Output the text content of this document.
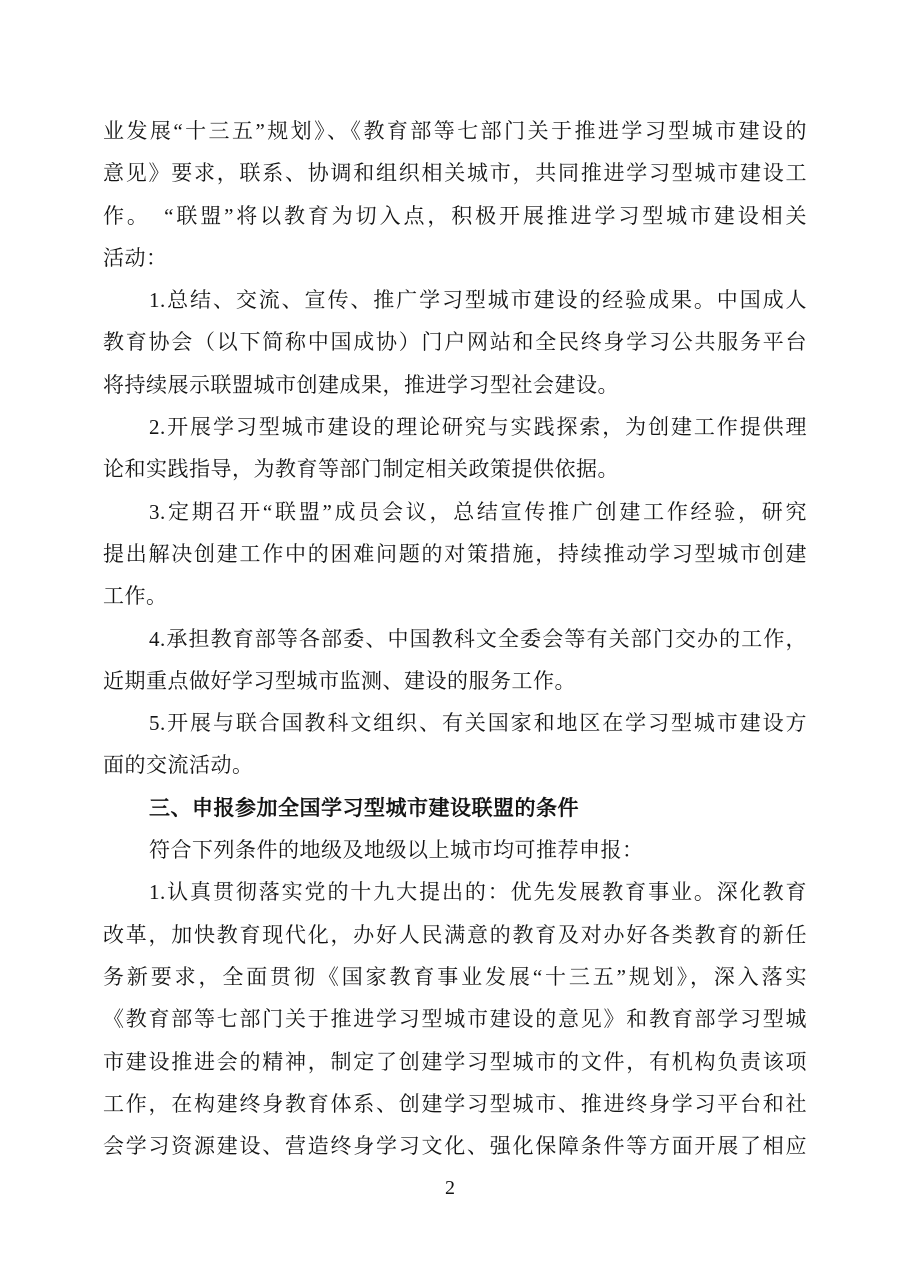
业发展“十三五”规划》、《教育部等七部门关于推进学习型城市建设的
意见》要求，联系、协调和组织相关城市，共同推进学习型城市建设工
作。　“联盟”将以教育为切入点，积极开展推进学习型城市建设相关
活动：
1.总结、交流、宣传、推广学习型城市建设的经验成果。中国成人
教育协会（以下简称中国成协）门户网站和全民终身学习公共服务平台
将持续展示联盟城市创建成果，推进学习型社会建设。
2.开展学习型城市建设的理论研究与实践探索，为创建工作提供理
论和实践指导，为教育等部门制定相关政策提供依据。
3.定期召开“联盟”成员会议，总结宣传推广创建工作经验，研究
提出解决创建工作中的困难问题的对策措施，持续推动学习型城市创建
工作。
4.承担教育部等各部委、中国教科文全委会等有关部门交办的工作，
近期重点做好学习型城市监测、建设的服务工作。
5.开展与联合国教科文组织、有关国家和地区在学习型城市建设方
面的交流活动。
三、申报参加全国学习型城市建设联盟的条件
符合下列条件的地级及地级以上城市均可推荐申报：
1.认真贯彻落实党的十九大提出的：优先发展教育事业。深化教育
改革，加快教育现代化，办好人民满意的教育及对办好各类教育的新任
务新要求，全面贯彻《国家教育事业发展“十三五”规划》，深入落实
《教育部等七部门关于推进学习型城市建设的意见》和教育部学习型城
市建设推进会的精神，制定了创建学习型城市的文件，有机构负责该项
工作，在构建终身教育体系、创建学习型城市、推进终身学习平台和社
会学习资源建设、营造终身学习文化、强化保障条件等方面开展了相应
2
